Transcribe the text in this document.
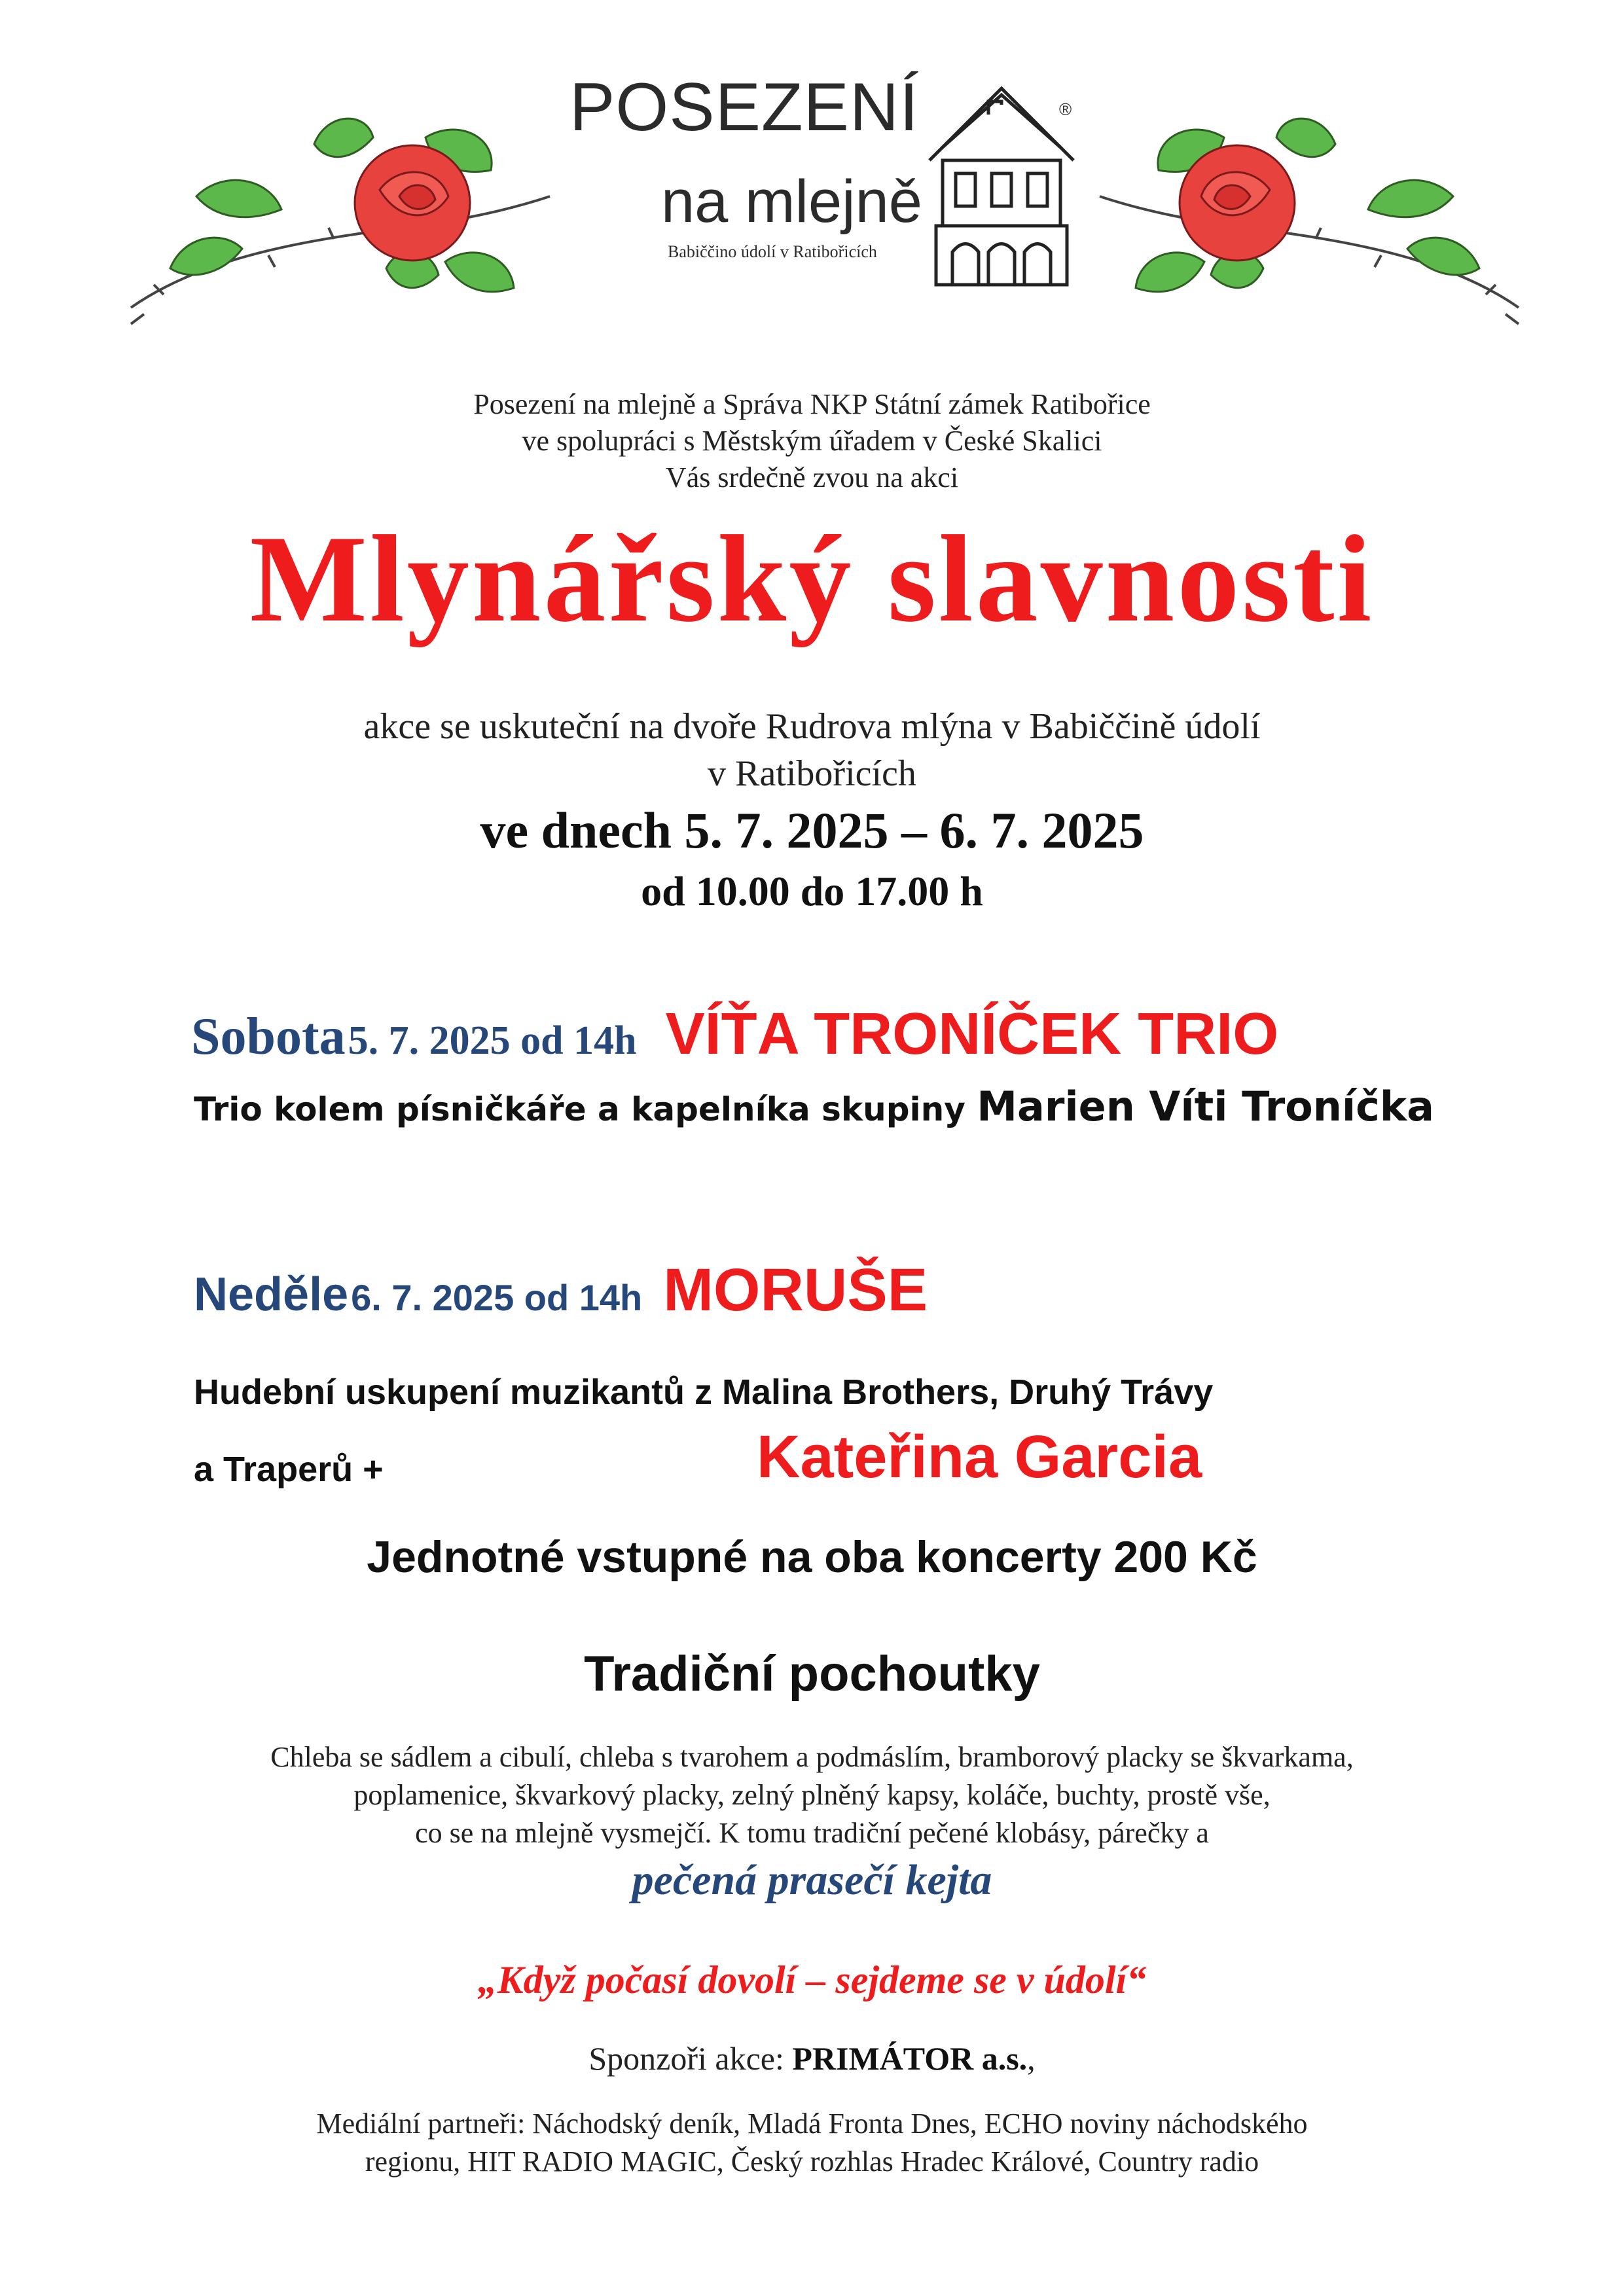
POSEZENÍ	®
na mlejně
Babiččino údolí v Ratibořicích
Posezení na mlejně a Správa NKP Státní zámek Ratibořice
ve spolupráci s Městským úřadem v České Skalici
Vás srdečně zvou na akci
Mlynářský slavnosti
akce se uskuteční na dvoře Rudrova mlýna v Babiččině údolí
v Ratibořicích
ve dnech 5. 7. 2025 – 6. 7. 2025
od 10.00 do 17.00 h
Sobota 5. 7. 2025 od 14h VÍŤA TRONÍČEK TRIO
Trio kolem písničkáře a kapelníka skupiny Marien Víti Troníčka
Neděle 6. 7. 2025 od 14h MORUŠE
Hudební uskupení muzikantů z Malina Brothers, Druhý Trávy
a Traperů +	Kateřina Garcia
Jednotné vstupné na oba koncerty 200 Kč
Tradiční pochoutky
Chleba se sádlem a cibulí, chleba s tvarohem a podmáslím, bramborový placky se škvarkama,
poplamenice, škvarkový placky, zelný plněný kapsy, koláče, buchty, prostě vše,
co se na mlejně vysmejčí. K tomu tradiční pečené klobásy, párečky a
pečená prasečí kejta
„Když počasí dovolí – sejdeme se v údolí“
Sponzoři akce: PRIMÁTOR a.s.,
Mediální partneři: Náchodský deník, Mladá Fronta Dnes, ECHO noviny náchodského
regionu, HIT RADIO MAGIC, Český rozhlas Hradec Králové, Country radio
